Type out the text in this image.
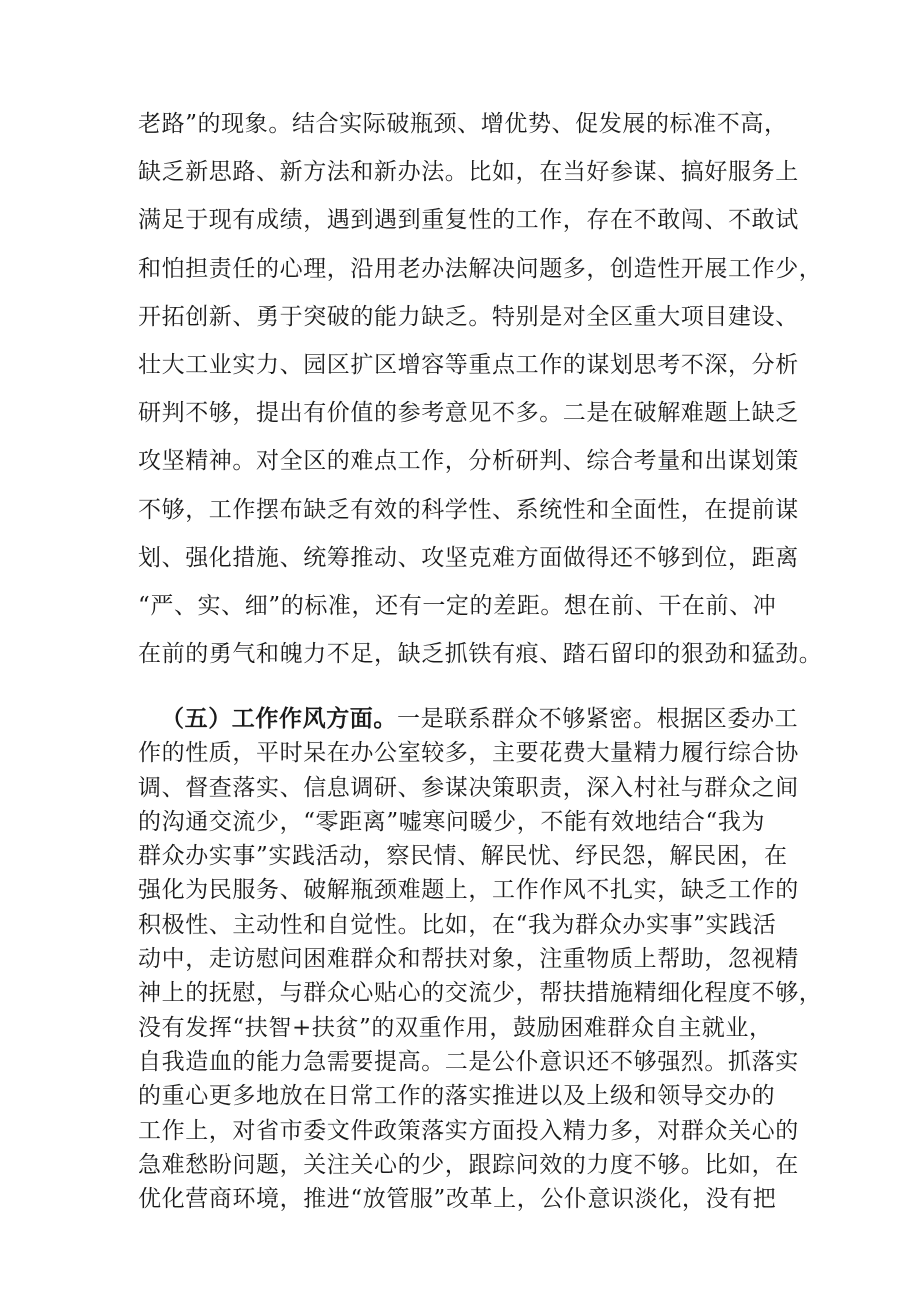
老路”的现象。结合实际破瓶颈、增优势、促发展的标准不高，
缺乏新思路、新方法和新办法。比如，在当好参谋、搞好服务上
满足于现有成绩，遇到遇到重复性的工作，存在不敢闯、不敢试
和怕担责任的心理，沿用老办法解决问题多，创造性开展工作少，
开拓创新、勇于突破的能力缺乏。特别是对全区重大项目建设、
壮大工业实力、园区扩区增容等重点工作的谋划思考不深，分析
研判不够，提出有价值的参考意见不多。二是在破解难题上缺乏
攻坚精神。对全区的难点工作，分析研判、综合考量和出谋划策
不够，工作摆布缺乏有效的科学性、系统性和全面性，在提前谋
划、强化措施、统筹推动、攻坚克难方面做得还不够到位，距离
“严、实、细”的标准，还有一定的差距。想在前、干在前、冲
在前的勇气和魄力不足，缺乏抓铁有痕、踏石留印的狠劲和猛劲。
（五）工作作风方面。一是联系群众不够紧密。根据区委办工
作的性质，平时呆在办公室较多，主要花费大量精力履行综合协
调、督查落实、信息调研、参谋决策职责，深入村社与群众之间
的沟通交流少，“零距离”嘘寒问暖少，不能有效地结合“我为
群众办实事”实践活动，察民情、解民忧、纾民怨，解民困，在
强化为民服务、破解瓶颈难题上，工作作风不扎实，缺乏工作的
积极性、主动性和自觉性。比如，在“我为群众办实事”实践活
动中，走访慰问困难群众和帮扶对象，注重物质上帮助，忽视精
神上的抚慰，与群众心贴心的交流少，帮扶措施精细化程度不够，
没有发挥“扶智+扶贫”的双重作用，鼓励困难群众自主就业，
自我造血的能力急需要提高。二是公仆意识还不够强烈。抓落实
的重心更多地放在日常工作的落实推进以及上级和领导交办的
工作上，对省市委文件政策落实方面投入精力多，对群众关心的
急难愁盼问题，关注关心的少，跟踪问效的力度不够。比如，在
优化营商环境，推进“放管服”改革上，公仆意识淡化，没有把
